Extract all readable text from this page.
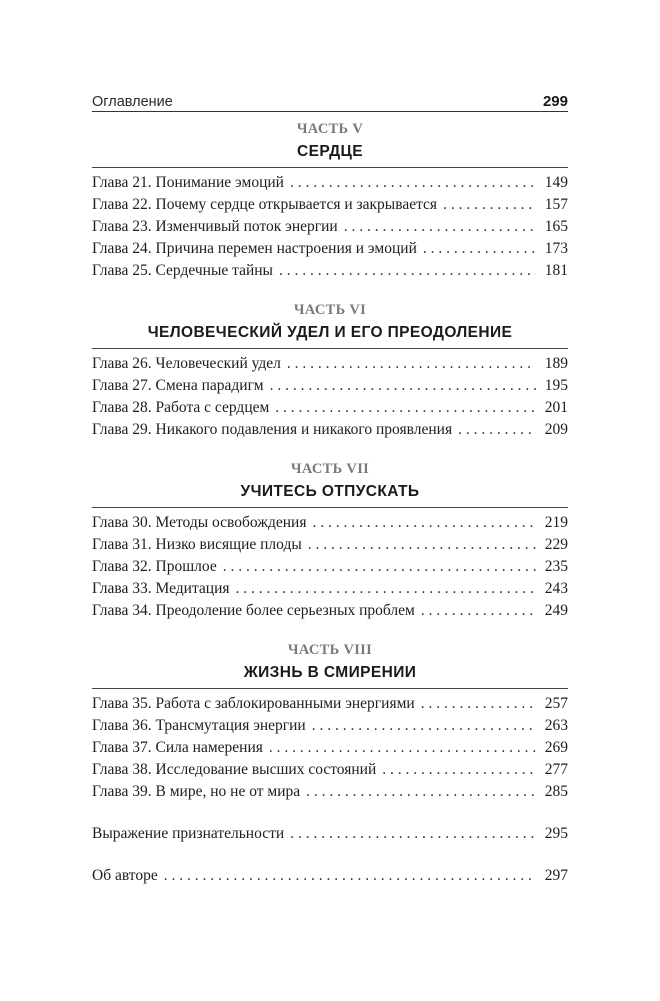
Оглавление	299
ЧАСТЬ V
СЕРДЦЕ
Глава 21. Понимание эмоций . . .	149
Глава 22. Почему сердце открывается и закрывается . . .	157
Глава 23. Изменчивый поток энергии . . .	165
Глава 24. Причина перемен настроения и эмоций . . .	173
Глава 25. Сердечные тайны . . .	181
ЧАСТЬ VI
ЧЕЛОВЕЧЕСКИЙ УДЕЛ И ЕГО ПРЕОДОЛЕНИЕ
Глава 26. Человеческий удел . . .	189
Глава 27. Смена парадигм . . .	195
Глава 28. Работа с сердцем . . .	201
Глава 29. Никакого подавления и никакого проявления . . .	209
ЧАСТЬ VII
УЧИТЕСЬ ОТПУСКАТЬ
Глава 30. Методы освобождения . . .	219
Глава 31. Низко висящие плоды . . .	229
Глава 32. Прошлое . . .	235
Глава 33. Медитация . . .	243
Глава 34. Преодоление более серьезных проблем . . .	249
ЧАСТЬ VIII
ЖИЗНЬ В СМИРЕНИИ
Глава 35. Работа с заблокированными энергиями . . .	257
Глава 36. Трансмутация энергии . . .	263
Глава 37. Сила намерения . . .	269
Глава 38. Исследование высших состояний . . .	277
Глава 39. В мире, но не от мира . . .	285
Выражение признательности . . .	295
Об авторе . . .	297
